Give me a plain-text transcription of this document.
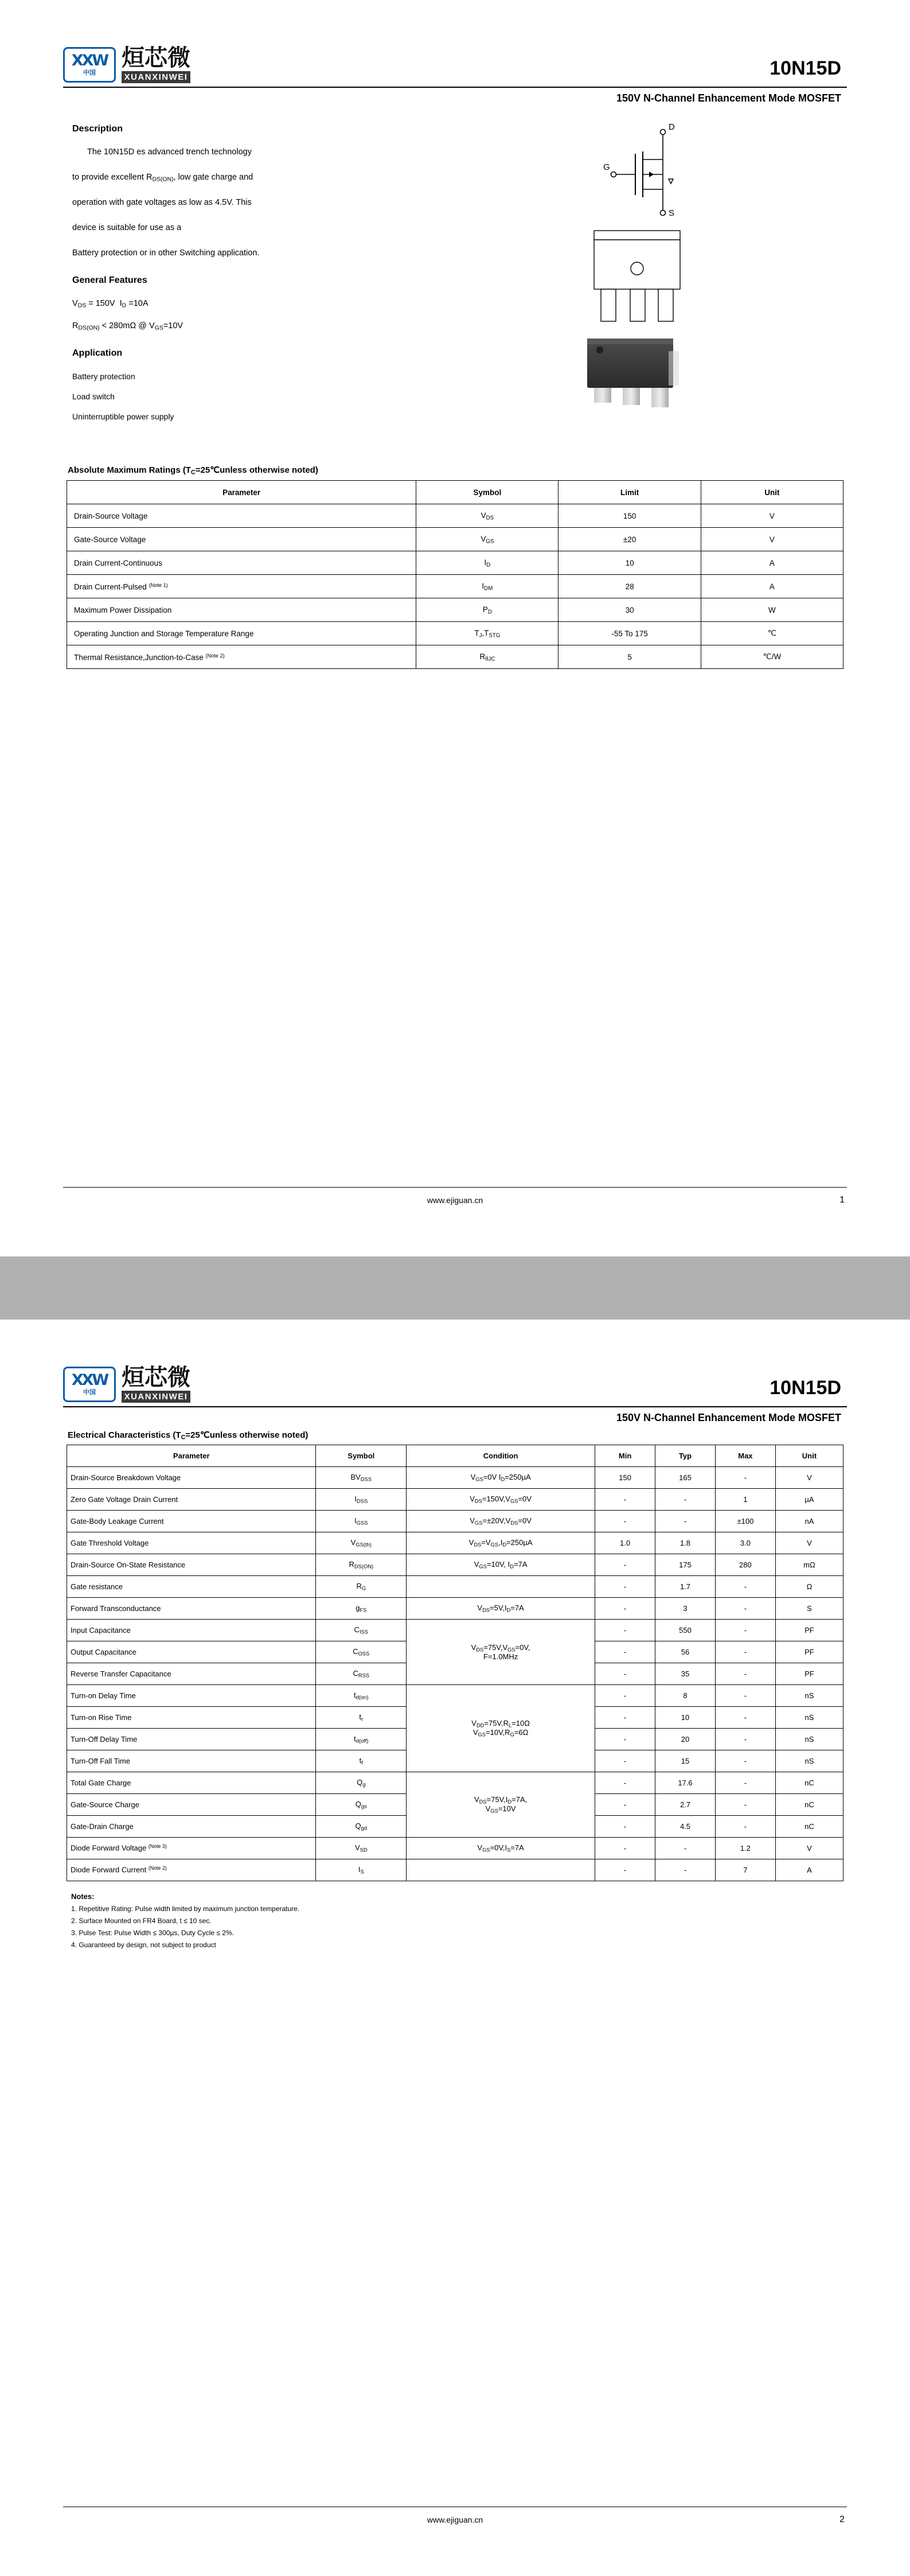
XXW
中国
烜芯微
XUANXINWEI	10N15D
150V N-Channel Enhancement Mode MOSFET
Description

The 10N15D es advanced trench technology

to provide excellent $R_{DS(ON)}$, low gate charge and

operation with gate voltages as low as 4.5V. This

device is suitable for use as a

Battery protection or in other Switching application.

General Features

$V_{DS} = 150V$  $I_D =10A$

$R_{DS(ON)} < 280m\Omega$ @ $V_{GS}=10V$

Application

Battery protection

Load switch

Uninterruptible power supply

D
G
S
Absolute Maximum Ratings ($T_C=25℃unless$ otherwise noted)
Parameter	Symbol	Limit	Unit
Drain-Source Voltage	$V_{DS}$	150	V
Gate-Source Voltage	$V_{GS}$	±20	V
Drain Current-Continuous	$I_D$	10	A
Drain Current-Pulsed $^{(Note 1)}$	$I_{DM}$	28	A
Maximum Power Dissipation	$P_D$	30	W
Operating Junction and Storage Temperature Range	$T_J,T_{STG}$	-55 To 175	℃
Thermal Resistance,Junction-to-Case $^{(Note 2)}$	$R_{\theta JC}$	5	℃/W
www.ejiguan.cn	1
XXW
中国
烜芯微
XUANXINWEI	10N15D
150V N-Channel Enhancement Mode MOSFET
Electrical Characteristics ($T_C=25℃unless$ otherwise noted)
Parameter	Symbol	Condition	Min	Typ	Max	Unit
Drain-Source Breakdown Voltage	$BV_{DSS}$	$V_{GS}=0V$ $I_D=250\mu A$	150	165	-	V
Zero Gate Voltage Drain Current	$I_{DSS}$	$V_{DS}=150V,V_{GS}=0V$	-	-	1	µA
Gate-Body Leakage Current	$I_{GSS}$	$V_{GS}=\pm 20V,V_{DS}=0V$	-	-	±100	nA
Gate Threshold Voltage	$V_{GS(th)}$	$V_{DS}=V_{GS},I_D=250\mu A$	1.0	1.8	3.0	V
Drain-Source On-State Resistance	$R_{DS(ON)}$	$V_{GS}=10V$, $I_D=7A$	-	175	280	mΩ
Gate resistance	$R_G$		-	1.7	-	Ω
Forward Transconductance	$g_{FS}$	$V_{DS}=5V,I_D=7A$	-	3	-	S
Input Capacitance	$C_{ISS}$	$V_{DS}=75V,V_{GS}=0V$,
F=1.0MHz	-	550	-	PF
Output Capacitance	$C_{OSS}$		-	56	-	PF
Reverse Transfer Capacitance	$C_{RSS}$		-	35	-	PF
Turn-on Delay Time	$t_{d(on)}$	$V_{DD}=75V,R_L=10\Omega$
$V_{GS}=10V,R_G=6\Omega$	-	8	-	nS
Turn-on Rise Time	$t_r$		-	10	-	nS
Turn-Off Delay Time	$t_{d(off)}$		-	20	-	nS
Turn-Off Fall Time	$t_f$		-	15	-	nS
Total Gate Charge	$Q_g$	$V_{DS}=75V,I_D=7A$,
$V_{GS}=10V$	-	17.6	-	nC
Gate-Source Charge	$Q_{gs}$		-	2.7	-	nC
Gate-Drain Charge	$Q_{gd}$		-	4.5	-	nC
Diode Forward Voltage $^{(Note 3)}$	$V_{SD}$	$V_{GS}=0V,I_S=7A$	-	-	1.2	V
Diode Forward Current $^{(Note 2)}$	$I_S$		-	-	7	A
Notes:
1. Repetitive Rating: Pulse width limited by maximum junction temperature.
2. Surface Mounted on FR4 Board, t ≤ 10 sec.
3. Pulse Test: Pulse Width ≤ 300µs, Duty Cycle ≤ 2%.
4. Guaranteed by design, not subject to product
www.ejiguan.cn	2
